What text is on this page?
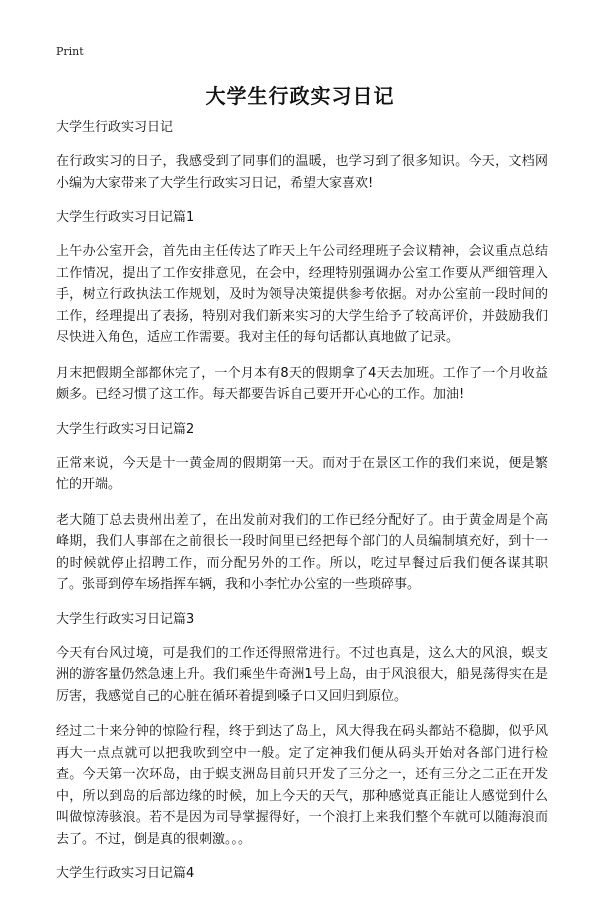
Print
大学生行政实习日记
大学生行政实习日记

在行政实习的日子，我感受到了同事们的温暖，也学习到了很多知识。今天，文档网小编为大家带来了大学生行政实习日记，希望大家喜欢!

大学生行政实习日记篇1

上午办公室开会，首先由主任传达了昨天上午公司经理班子会议精神，会议重点总结工作情况，提出了工作安排意见，在会中，经理特别强调办公室工作要从严细管理入手，树立行政执法工作规划，及时为领导决策提供参考依据。对办公室前一段时间的工作，经理提出了表扬，特别对我们新来实习的大学生给予了较高评价，并鼓励我们尽快进入角色，适应工作需要。我对主任的每句话都认真地做了记录。

月末把假期全部都休完了，一个月本有8天的假期拿了4天去加班。工作了一个月收益颇多。已经习惯了这工作。每天都要告诉自己要开开心心的工作。加油!

大学生行政实习日记篇2

正常来说，今天是十一黄金周的假期第一天。而对于在景区工作的我们来说，便是繁忙的开端。

老大随丁总去贵州出差了，在出发前对我们的工作已经分配好了。由于黄金周是个高峰期，我们人事部在之前很长一段时间里已经把每个部门的人员编制填充好，到十一的时候就停止招聘工作，而分配另外的工作。所以，吃过早餐过后我们便各谋其职了。张哥到停车场指挥车辆，我和小李忙办公室的一些琐碎事。

大学生行政实习日记篇3

今天有台风过境，可是我们的工作还得照常进行。不过也真是，这么大的风浪，蜈支洲的游客量仍然急速上升。我们乘坐牛奇洲1号上岛，由于风浪很大，船晃荡得实在是厉害，我感觉自己的心脏在循环着提到嗓子口又回归到原位。

经过二十来分钟的惊险行程，终于到达了岛上，风大得我在码头都站不稳脚，似乎风再大一点点就可以把我吹到空中一般。定了定神我们便从码头开始对各部门进行检查。今天第一次环岛，由于蜈支洲岛目前只开发了三分之一，还有三分之二正在开发中，所以到岛的后部边缘的时候，加上今天的天气，那种感觉真正能让人感觉到什么叫做惊涛骇浪。若不是因为司导掌握得好，一个浪打上来我们整个车就可以随海浪而去了。不过，倒是真的很刺激。。。

大学生行政实习日记篇4
